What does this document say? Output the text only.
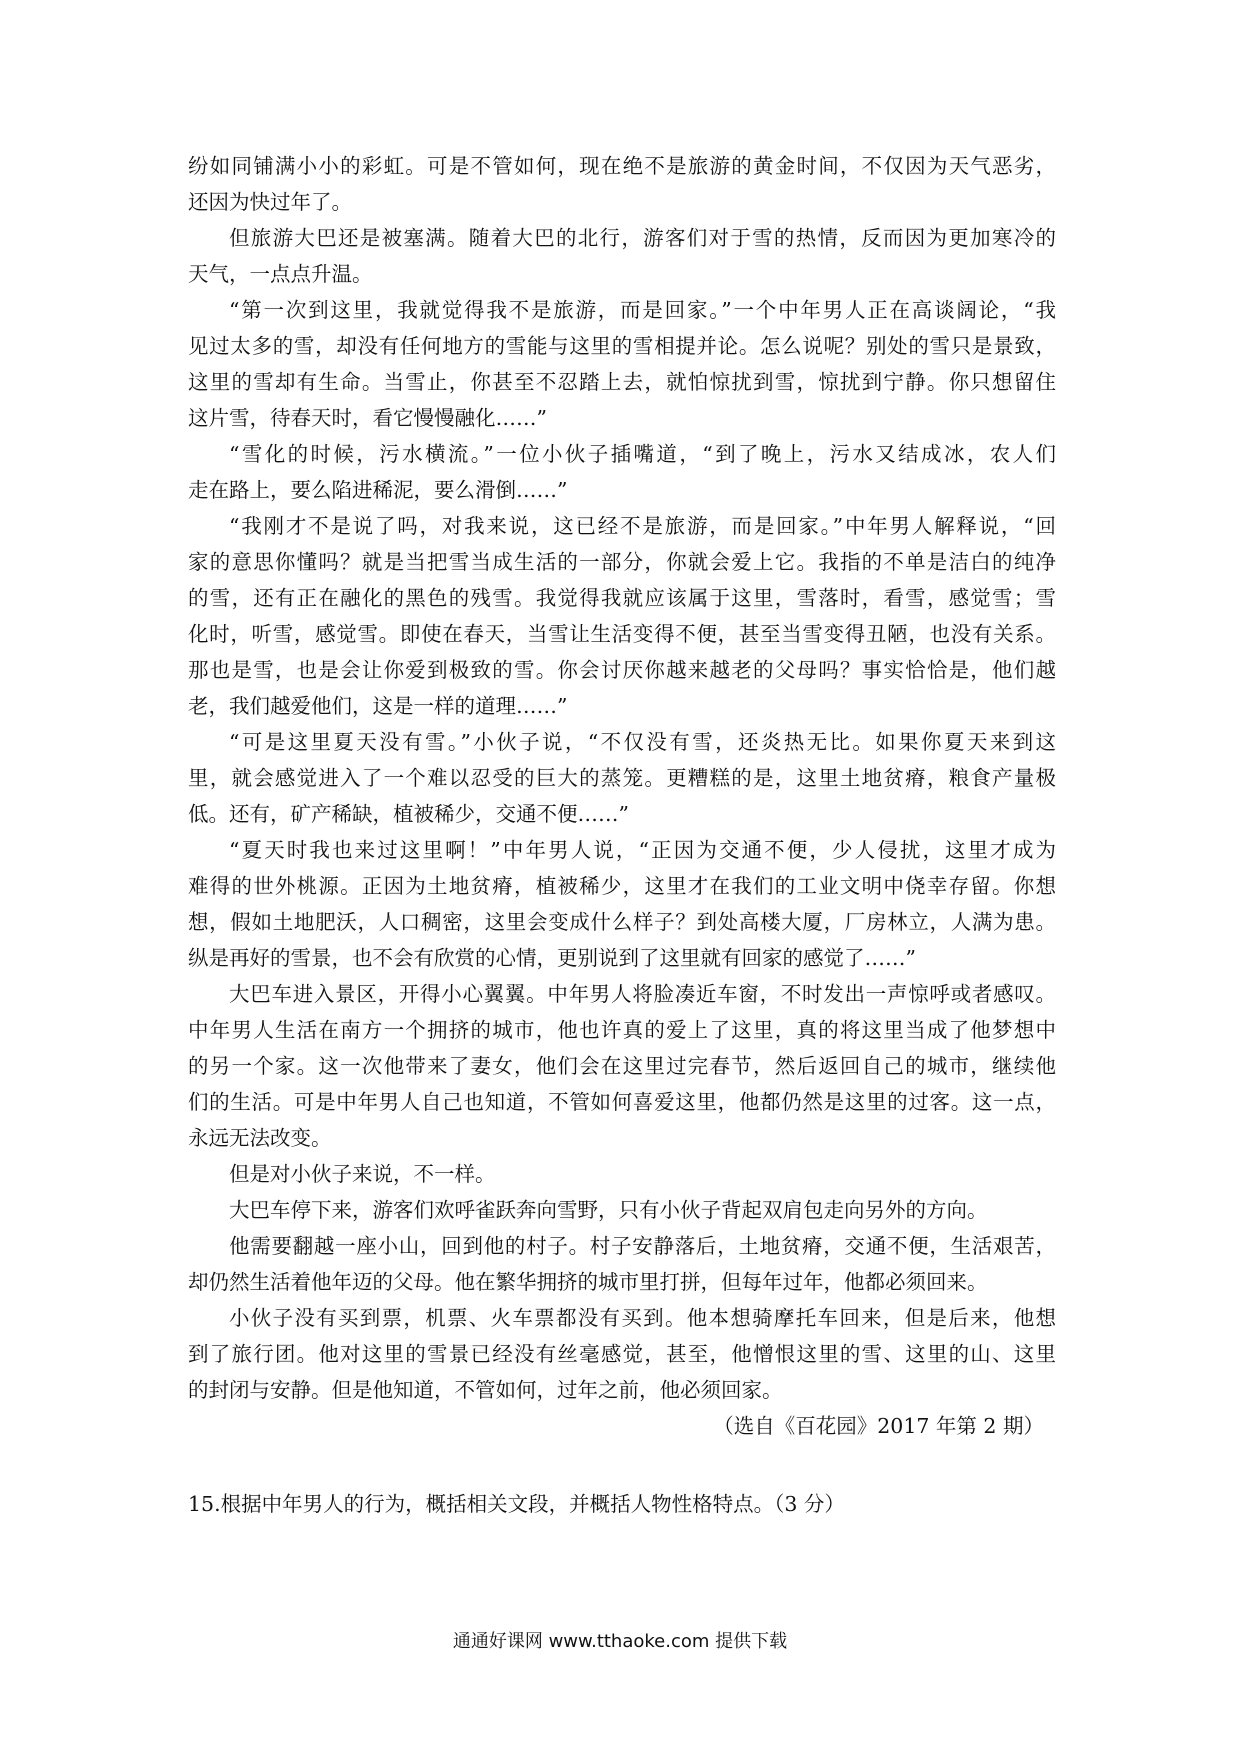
纷如同铺满小小的彩虹。可是不管如何，现在绝不是旅游的黄金时间，不仅因为天气恶劣，
还因为快过年了。
但旅游大巴还是被塞满。随着大巴的北行，游客们对于雪的热情，反而因为更加寒冷的
天气，一点点升温。
“第一次到这里，我就觉得我不是旅游，而是回家。”一个中年男人正在高谈阔论，“我
见过太多的雪，却没有任何地方的雪能与这里的雪相提并论。怎么说呢？别处的雪只是景致，
这里的雪却有生命。当雪止，你甚至不忍踏上去，就怕惊扰到雪，惊扰到宁静。你只想留住
这片雪，待春天时，看它慢慢融化……”
“雪化的时候，污水横流。”一位小伙子插嘴道，“到了晚上，污水又结成冰，农人们
走在路上，要么陷进稀泥，要么滑倒……”
“我刚才不是说了吗，对我来说，这已经不是旅游，而是回家。”中年男人解释说，“回
家的意思你懂吗？就是当把雪当成生活的一部分，你就会爱上它。我指的不单是洁白的纯净
的雪，还有正在融化的黑色的残雪。我觉得我就应该属于这里，雪落时，看雪，感觉雪；雪
化时，听雪，感觉雪。即使在春天，当雪让生活变得不便，甚至当雪变得丑陋，也没有关系。
那也是雪，也是会让你爱到极致的雪。你会讨厌你越来越老的父母吗？事实恰恰是，他们越
老，我们越爱他们，这是一样的道理……”
“可是这里夏天没有雪。”小伙子说，“不仅没有雪，还炎热无比。如果你夏天来到这
里，就会感觉进入了一个难以忍受的巨大的蒸笼。更糟糕的是，这里土地贫瘠，粮食产量极
低。还有，矿产稀缺，植被稀少，交通不便……”
“夏天时我也来过这里啊！”中年男人说，“正因为交通不便，少人侵扰，这里才成为
难得的世外桃源。正因为土地贫瘠，植被稀少，这里才在我们的工业文明中侥幸存留。你想
想，假如土地肥沃，人口稠密，这里会变成什么样子？到处高楼大厦，厂房林立，人满为患。
纵是再好的雪景，也不会有欣赏的心情，更别说到了这里就有回家的感觉了……”
大巴车进入景区，开得小心翼翼。中年男人将脸凑近车窗，不时发出一声惊呼或者感叹。
中年男人生活在南方一个拥挤的城市，他也许真的爱上了这里，真的将这里当成了他梦想中
的另一个家。这一次他带来了妻女，他们会在这里过完春节，然后返回自己的城市，继续他
们的生活。可是中年男人自己也知道，不管如何喜爱这里，他都仍然是这里的过客。这一点，
永远无法改变。
但是对小伙子来说，不一样。
大巴车停下来，游客们欢呼雀跃奔向雪野，只有小伙子背起双肩包走向另外的方向。
他需要翻越一座小山，回到他的村子。村子安静落后，土地贫瘠，交通不便，生活艰苦，
却仍然生活着他年迈的父母。他在繁华拥挤的城市里打拼，但每年过年，他都必须回来。
小伙子没有买到票，机票、火车票都没有买到。他本想骑摩托车回来，但是后来，他想
到了旅行团。他对这里的雪景已经没有丝毫感觉，甚至，他憎恨这里的雪、这里的山、这里
的封闭与安静。但是他知道，不管如何，过年之前，他必须回家。
（选自《百花园》2017 年第 2 期）
15.根据中年男人的行为，概括相关文段，并概括人物性格特点。（3 分）
通通好课网 www.tthaoke.com 提供下载
